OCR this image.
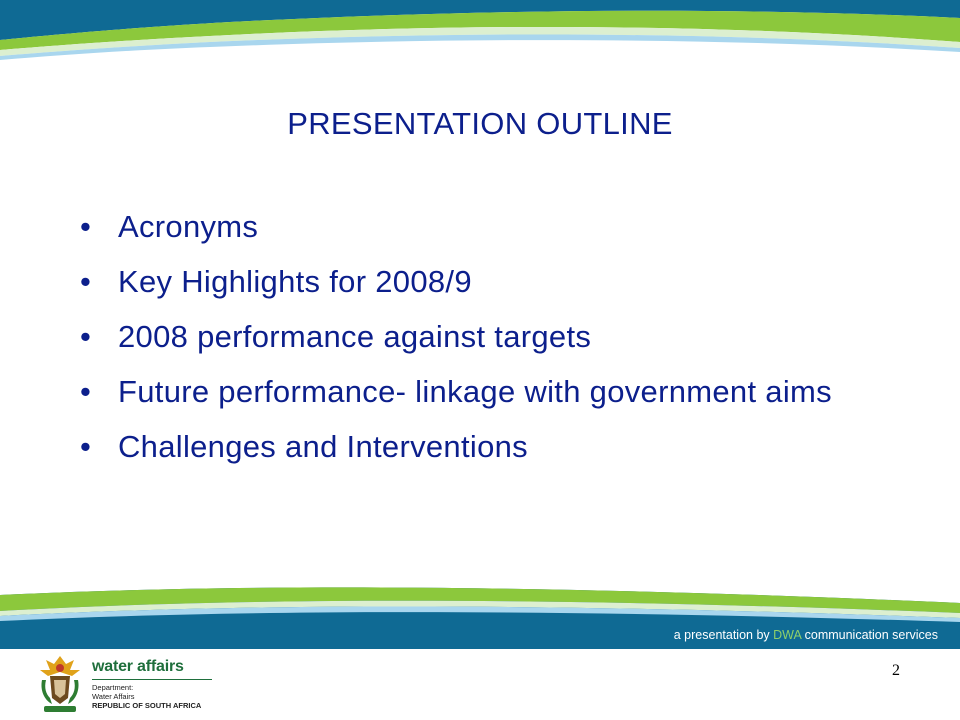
PRESENTATION OUTLINE
• Acronyms
• Key Highlights for 2008/9
• 2008 performance against targets
• Future performance- linkage with government aims
• Challenges and Interventions
a presentation by DWA communication services
2
water affairs
Department:
Water Affairs
REPUBLIC OF SOUTH AFRICA
